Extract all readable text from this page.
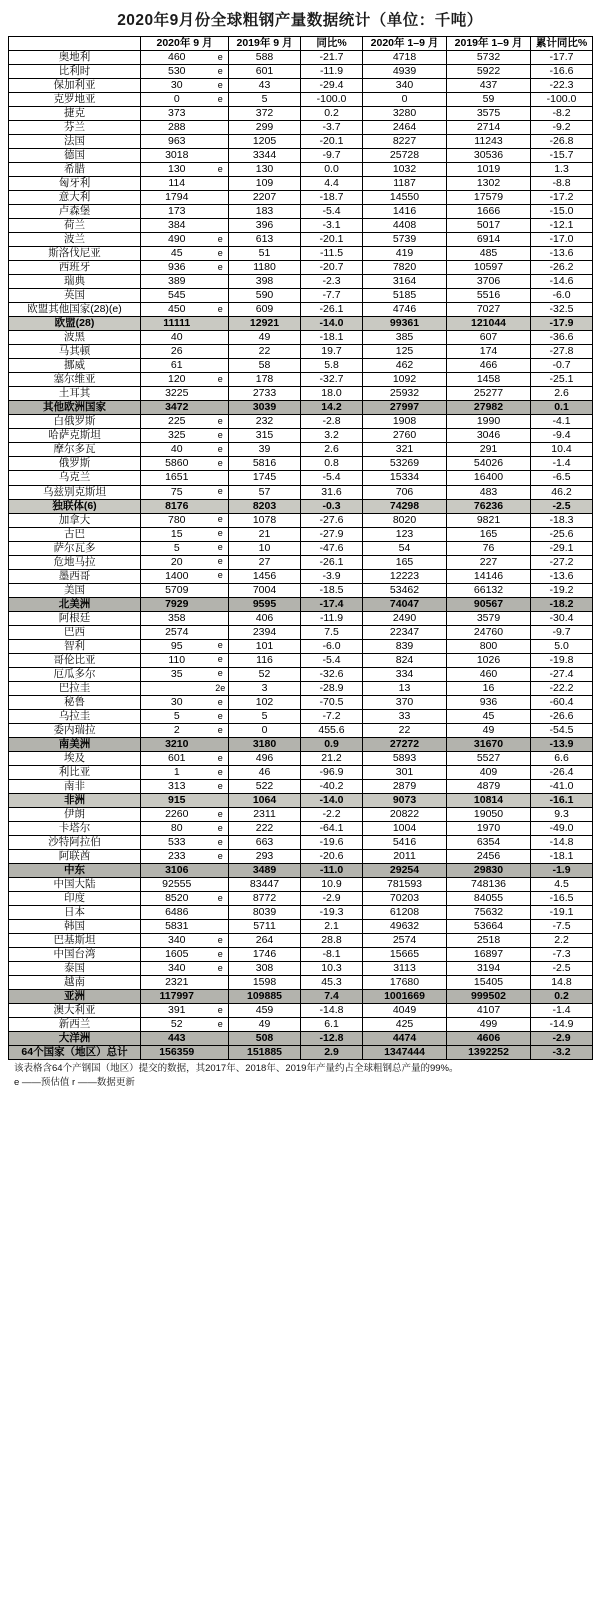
2020年9月份全球粗钢产量数据统计（单位：千吨）
	2020年 9 月		2019年 9 月	同比%	2020年 1–9 月	2019年 1–9 月	累计同比%
奥地利	460	e	588	-21.7	4718	5732	-17.7
比利时	530	e	601	-11.9	4939	5922	-16.6
保加利亚	30	e	43	-29.4	340	437	-22.3
克罗地亚	0	e	5	-100.0	0	59	-100.0
捷克	373		372	0.2	3280	3575	-8.2
芬兰	288		299	-3.7	2464	2714	-9.2
法国	963		1205	-20.1	8227	11243	-26.8
德国	3018		3344	-9.7	25728	30536	-15.7
希腊	130	e	130	0.0	1032	1019	1.3
匈牙利	114		109	4.4	1187	1302	-8.8
意大利	1794		2207	-18.7	14550	17579	-17.2
卢森堡	173		183	-5.4	1416	1666	-15.0
荷兰	384		396	-3.1	4408	5017	-12.1
波兰	490	e	613	-20.1	5739	6914	-17.0
斯洛伐尼亚	45	e	51	-11.5	419	485	-13.6
西班牙	936	e	1180	-20.7	7820	10597	-26.2
瑞典	389		398	-2.3	3164	3706	-14.6
英国	545		590	-7.7	5185	5516	-6.0
欧盟其他国家(28)(e)	450	e	609	-26.1	4746	7027	-32.5
欧盟(28)	11111		12921	-14.0	99361	121044	-17.9
波黑	40		49	-18.1	385	607	-36.6
马其顿	26		22	19.7	125	174	-27.8
挪威	61		58	5.8	462	466	-0.7
塞尔维亚	120	e	178	-32.7	1092	1458	-25.1
土耳其	3225		2733	18.0	25932	25277	2.6
其他欧洲国家	3472		3039	14.2	27997	27982	0.1
白俄罗斯	225	e	232	-2.8	1908	1990	-4.1
哈萨克斯坦	325	e	315	3.2	2760	3046	-9.4
摩尔多瓦	40	e	39	2.6	321	291	10.4
俄罗斯	5860	e	5816	0.8	53269	54026	-1.4
乌克兰	1651		1745	-5.4	15334	16400	-6.5
乌兹别克斯坦	75	e	57	31.6	706	483	46.2
独联体(6)	8176		8203	-0.3	74298	76236	-2.5
加拿大	780	e	1078	-27.6	8020	9821	-18.3
古巴	15	e	21	-27.9	123	165	-25.6
萨尔瓦多	5	e	10	-47.6	54	76	-29.1
危地马拉	20	e	27	-26.1	165	227	-27.2
墨西哥	1400	e	1456	-3.9	12223	14146	-13.6
美国	5709		7004	-18.5	53462	66132	-19.2
北美洲	7929		9595	-17.4	74047	90567	-18.2
阿根廷	358		406	-11.9	2490	3579	-30.4
巴西	2574		2394	7.5	22347	24760	-9.7
智利	95	e	101	-6.0	839	800	5.0
哥伦比亚	110	e	116	-5.4	824	1026	-19.8
厄瓜多尔	35	e	52	-32.6	334	460	-27.4
巴拉圭		2e	3	-28.9	13	16	-22.2
秘鲁	30	e	102	-70.5	370	936	-60.4
乌拉圭	5	e	5	-7.2	33	45	-26.6
委内瑞拉	2	e	0	455.6	22	49	-54.5
南美洲	3210		3180	0.9	27272	31670	-13.9
埃及	601	e	496	21.2	5893	5527	6.6
利比亚	1	e	46	-96.9	301	409	-26.4
南非	313	e	522	-40.2	2879	4879	-41.0
非洲	915		1064	-14.0	9073	10814	-16.1
伊朗	2260	e	2311	-2.2	20822	19050	9.3
卡塔尔	80	e	222	-64.1	1004	1970	-49.0
沙特阿拉伯	533	e	663	-19.6	5416	6354	-14.8
阿联酋	233	e	293	-20.6	2011	2456	-18.1
中东	3106		3489	-11.0	29254	29830	-1.9
中国大陆	92555		83447	10.9	781593	748136	4.5
印度	8520	e	8772	-2.9	70203	84055	-16.5
日本	6486		8039	-19.3	61208	75632	-19.1
韩国	5831		5711	2.1	49632	53664	-7.5
巴基斯坦	340	e	264	28.8	2574	2518	2.2
中国台湾	1605	e	1746	-8.1	15665	16897	-7.3
泰国	340	e	308	10.3	3113	3194	-2.5
越南	2321		1598	45.3	17680	15405	14.8
亚洲	117997		109885	7.4	1001669	999502	0.2
澳大利亚	391	e	459	-14.8	4049	4107	-1.4
新西兰	52	e	49	6.1	425	499	-14.9
大洋洲	443		508	-12.8	4474	4606	-2.9
64个国家（地区）总计	156359		151885	2.9	1347444	1392252	-3.2
该表格含64个产钢国（地区）提交的数据，其2017年、2018年、2019年产量约占全球粗钢总产量的99%。
e ——预估值 r ——数据更新
